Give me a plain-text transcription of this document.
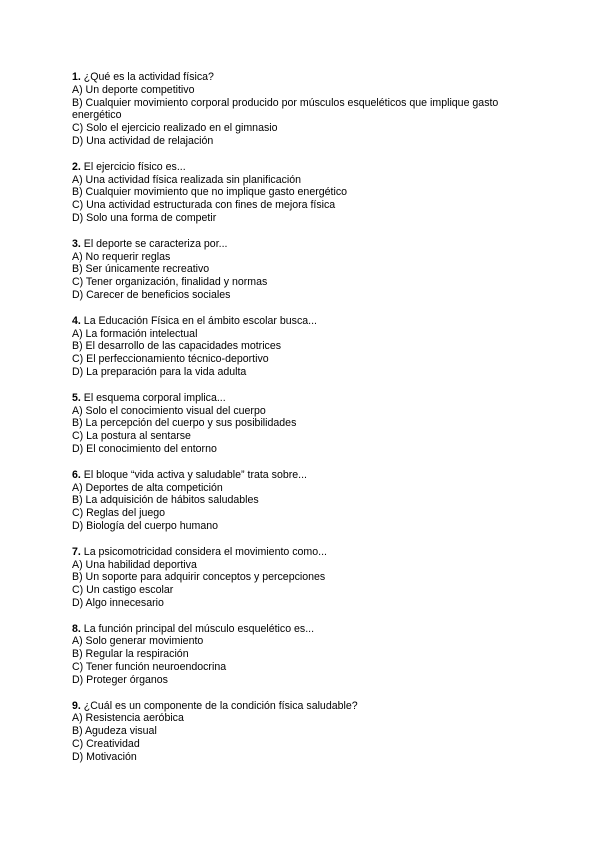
1. ¿Qué es la actividad física?

A) Un deporte competitivo
B) Cualquier movimiento corporal producido por músculos esqueléticos que implique gasto energético
C) Solo el ejercicio realizado en el gimnasio
D) Una actividad de relajación

2. El ejercicio físico es...

A) Una actividad física realizada sin planificación
B) Cualquier movimiento que no implique gasto energético
C) Una actividad estructurada con fines de mejora física
D) Solo una forma de competir

3. El deporte se caracteriza por...

A) No requerir reglas
B) Ser únicamente recreativo
C) Tener organización, finalidad y normas
D) Carecer de beneficios sociales

4. La Educación Física en el ámbito escolar busca...

A) La formación intelectual
B) El desarrollo de las capacidades motrices
C) El perfeccionamiento técnico-deportivo
D) La preparación para la vida adulta

5. El esquema corporal implica...

A) Solo el conocimiento visual del cuerpo
B) La percepción del cuerpo y sus posibilidades
C) La postura al sentarse
D) El conocimiento del entorno

6. El bloque “vida activa y saludable” trata sobre...

A) Deportes de alta competición
B) La adquisición de hábitos saludables
C) Reglas del juego
D) Biología del cuerpo humano

7. La psicomotricidad considera el movimiento como...

A) Una habilidad deportiva
B) Un soporte para adquirir conceptos y percepciones
C) Un castigo escolar
D) Algo innecesario

8. La función principal del músculo esquelético es...

A) Solo generar movimiento
B) Regular la respiración
C) Tener función neuroendocrina
D) Proteger órganos

9. ¿Cuál es un componente de la condición física saludable?

A) Resistencia aeróbica
B) Agudeza visual
C) Creatividad
D) Motivación
